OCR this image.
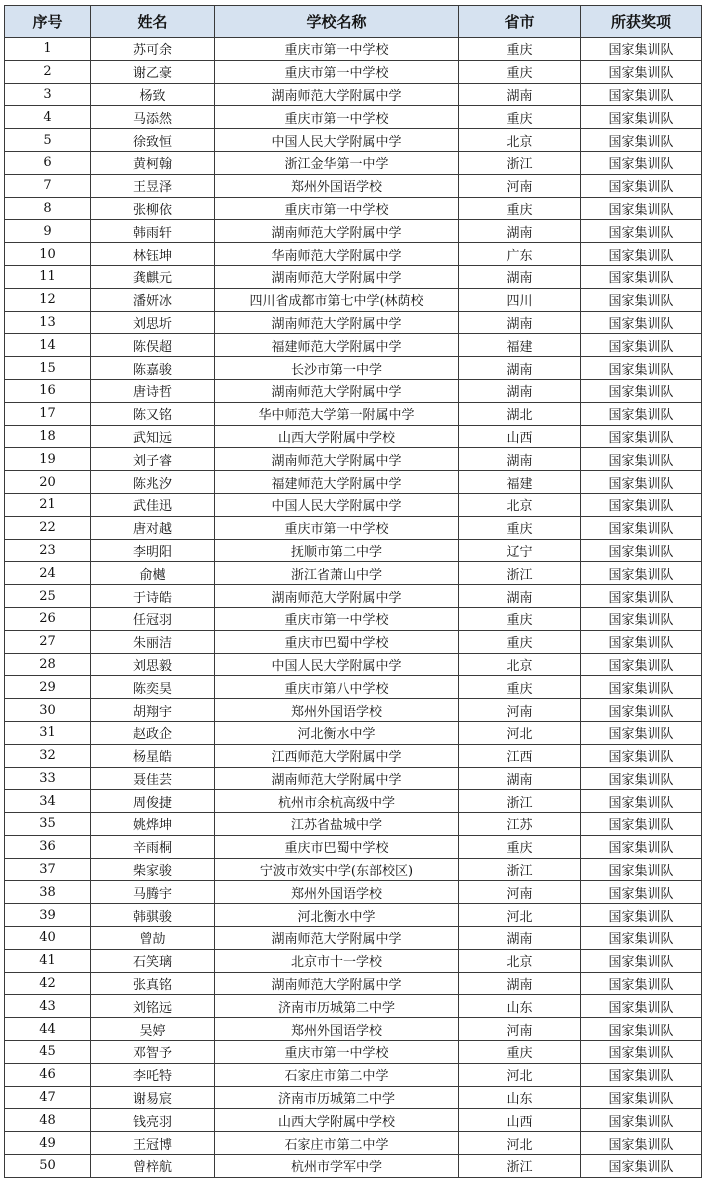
序号	姓名	学校名称	省市	所获奖项
1	苏可余	重庆市第一中学校	重庆	国家集训队
2	谢乙豪	重庆市第一中学校	重庆	国家集训队
3	杨致	湖南师范大学附属中学	湖南	国家集训队
4	马添然	重庆市第一中学校	重庆	国家集训队
5	徐致恒	中国人民大学附属中学	北京	国家集训队
6	黄柯翰	浙江金华第一中学	浙江	国家集训队
7	王昱泽	郑州外国语学校	河南	国家集训队
8	张柳依	重庆市第一中学校	重庆	国家集训队
9	韩雨轩	湖南师范大学附属中学	湖南	国家集训队
10	林钰坤	华南师范大学附属中学	广东	国家集训队
11	龚麒元	湖南师范大学附属中学	湖南	国家集训队
12	潘妍冰	四川省成都市第七中学(林荫校	四川	国家集训队
13	刘思圻	湖南师范大学附属中学	湖南	国家集训队
14	陈俣超	福建师范大学附属中学	福建	国家集训队
15	陈嘉骏	长沙市第一中学	湖南	国家集训队
16	唐诗哲	湖南师范大学附属中学	湖南	国家集训队
17	陈又铭	华中师范大学第一附属中学	湖北	国家集训队
18	武知远	山西大学附属中学校	山西	国家集训队
19	刘子睿	湖南师范大学附属中学	湖南	国家集训队
20	陈兆汐	福建师范大学附属中学	福建	国家集训队
21	武佳迅	中国人民大学附属中学	北京	国家集训队
22	唐对越	重庆市第一中学校	重庆	国家集训队
23	李明阳	抚顺市第二中学	辽宁	国家集训队
24	俞樾	浙江省萧山中学	浙江	国家集训队
25	于诗皓	湖南师范大学附属中学	湖南	国家集训队
26	任冠羽	重庆市第一中学校	重庆	国家集训队
27	朱丽洁	重庆市巴蜀中学校	重庆	国家集训队
28	刘思毅	中国人民大学附属中学	北京	国家集训队
29	陈奕昊	重庆市第八中学校	重庆	国家集训队
30	胡翔宇	郑州外国语学校	河南	国家集训队
31	赵政企	河北衡水中学	河北	国家集训队
32	杨星皓	江西师范大学附属中学	江西	国家集训队
33	聂佳芸	湖南师范大学附属中学	湖南	国家集训队
34	周俊捷	杭州市余杭高级中学	浙江	国家集训队
35	姚烨坤	江苏省盐城中学	江苏	国家集训队
36	辛雨桐	重庆市巴蜀中学校	重庆	国家集训队
37	柴家骏	宁波市效实中学(东部校区)	浙江	国家集训队
38	马腾宇	郑州外国语学校	河南	国家集训队
39	韩骐骏	河北衡水中学	河北	国家集训队
40	曾劼	湖南师范大学附属中学	湖南	国家集训队
41	石笑璃	北京市十一学校	北京	国家集训队
42	张真铭	湖南师范大学附属中学	湖南	国家集训队
43	刘铭远	济南市历城第二中学	山东	国家集训队
44	吴婷	郑州外国语学校	河南	国家集训队
45	邓智予	重庆市第一中学校	重庆	国家集训队
46	李吒特	石家庄市第二中学	河北	国家集训队
47	谢易宸	济南市历城第二中学	山东	国家集训队
48	钱亮羽	山西大学附属中学校	山西	国家集训队
49	王冠博	石家庄市第二中学	河北	国家集训队
50	曾梓航	杭州市学军中学	浙江	国家集训队
